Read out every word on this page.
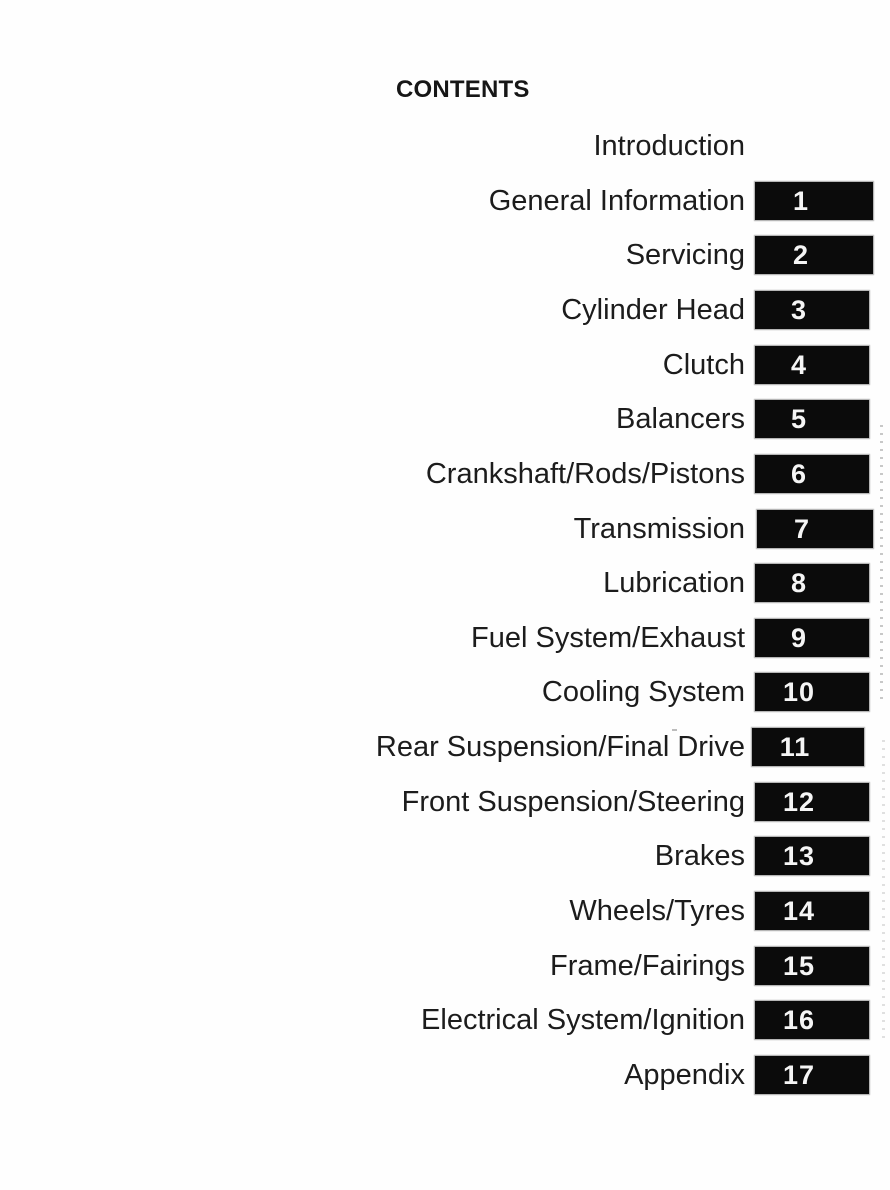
CONTENTS
Introduction
General Information 1
Servicing 2
Cylinder Head 3
Clutch 4
Balancers 5
Crankshaft/Rods/Pistons 6
Transmission 7
Lubrication 8
Fuel System/Exhaust 9
Cooling System 10
Rear Suspension/Final Drive 11
Front Suspension/Steering 12
Brakes 13
Wheels/Tyres 14
Frame/Fairings 15
Electrical System/Ignition 16
Appendix 17
